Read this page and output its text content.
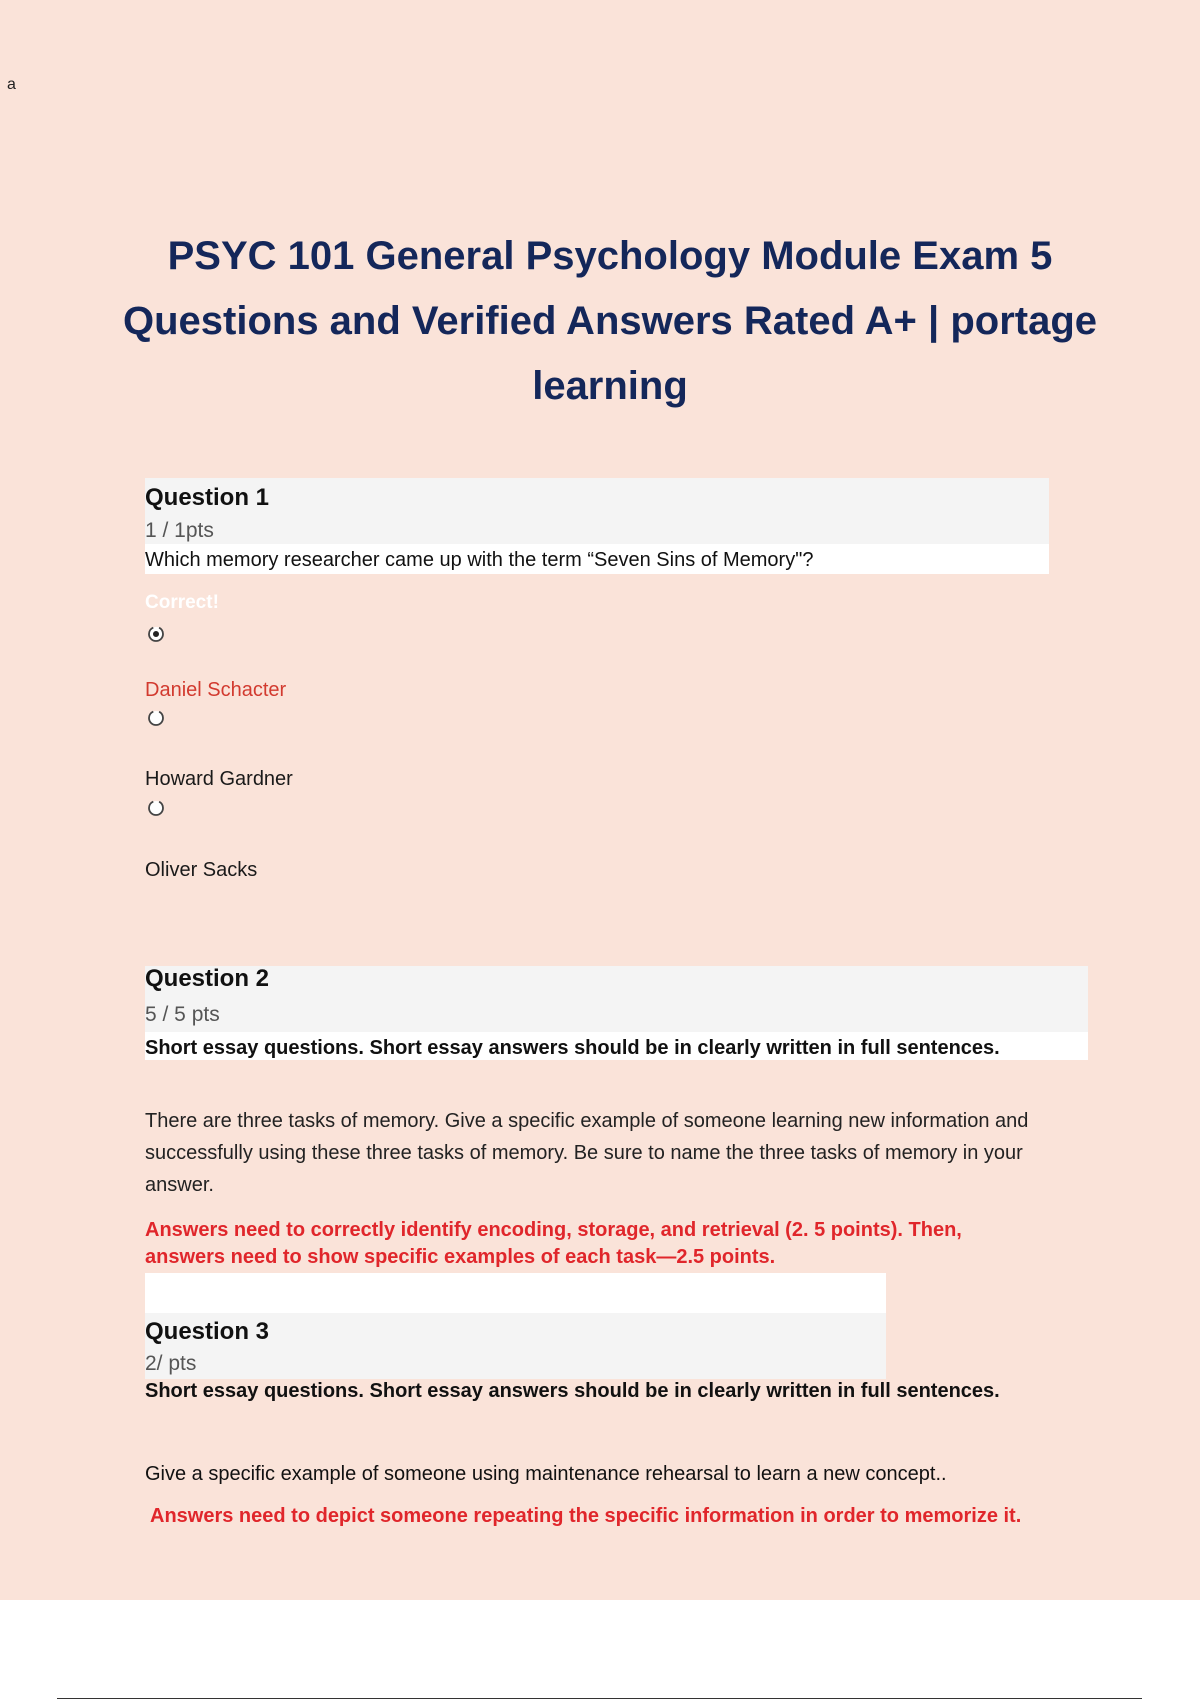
a
PSYC 101 General Psychology Module Exam 5 Questions and Verified Answers Rated A+ | portage learning
Question 1
1 / 1pts
Which memory researcher came up with the term “Seven Sins of Memory"?
Correct!
Daniel Schacter
Howard Gardner
Oliver Sacks
Question 2
5 / 5 pts
Short essay questions. Short essay answers should be in clearly written in full sentences.
There are three tasks of memory. Give a specific example of someone learning new information and successfully using these three tasks of memory. Be sure to name the three tasks of memory in your answer.
Answers need to correctly identify encoding, storage, and retrieval (2. 5 points). Then, answers need to show specific examples of each task—2.5 points.
Question 3
2/ pts
Short essay questions. Short essay answers should be in clearly written in full sentences.
Give a specific example of someone using maintenance rehearsal to learn a new concept..
Answers need to depict someone repeating the specific information in order to memorize it.
